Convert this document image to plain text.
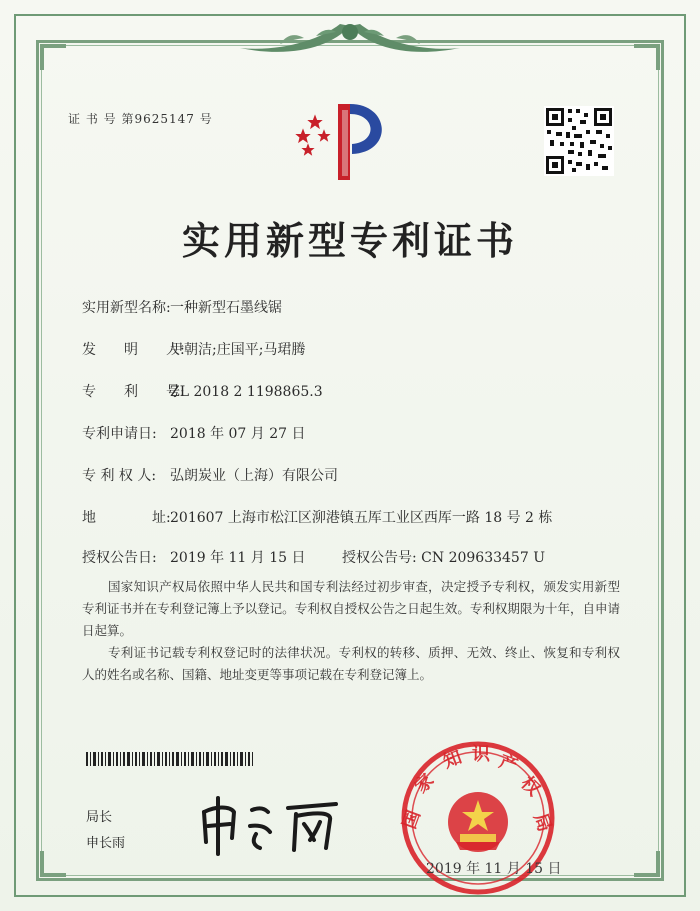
证 书 号 第9625147 号
实用新型专利证书
实用新型名称:一种新型石墨线锯
发　　明　　人:尹朝洁;庄国平;马珺腾
专　　利　　号:ZL 2018 2 1198865.3
专利申请日: 2018 年 07 月 27 日
专 利 权 人: 弘朗炭业（上海）有限公司
地　　　　址:201607 上海市松江区泖港镇五厍工业区西厍一路 18 号 2 栋
授权公告日: 2019 年 11 月 15 日	授权公告号: CN 209633457 U
国家知识产权局依照中华人民共和国专利法经过初步审查，决定授予专利权，颁发实用新型专利证书并在专利登记簿上予以登记。专利权自授权公告之日起生效。专利权期限为十年，自申请日起算。
专利证书记载专利权登记时的法律状况。专利权的转移、质押、无效、终止、恢复和专利权人的姓名或名称、国籍、地址变更等事项记载在专利登记簿上。
局长
申长雨
国
家
知 识 产
权
局
2019 年 11 月 15 日
